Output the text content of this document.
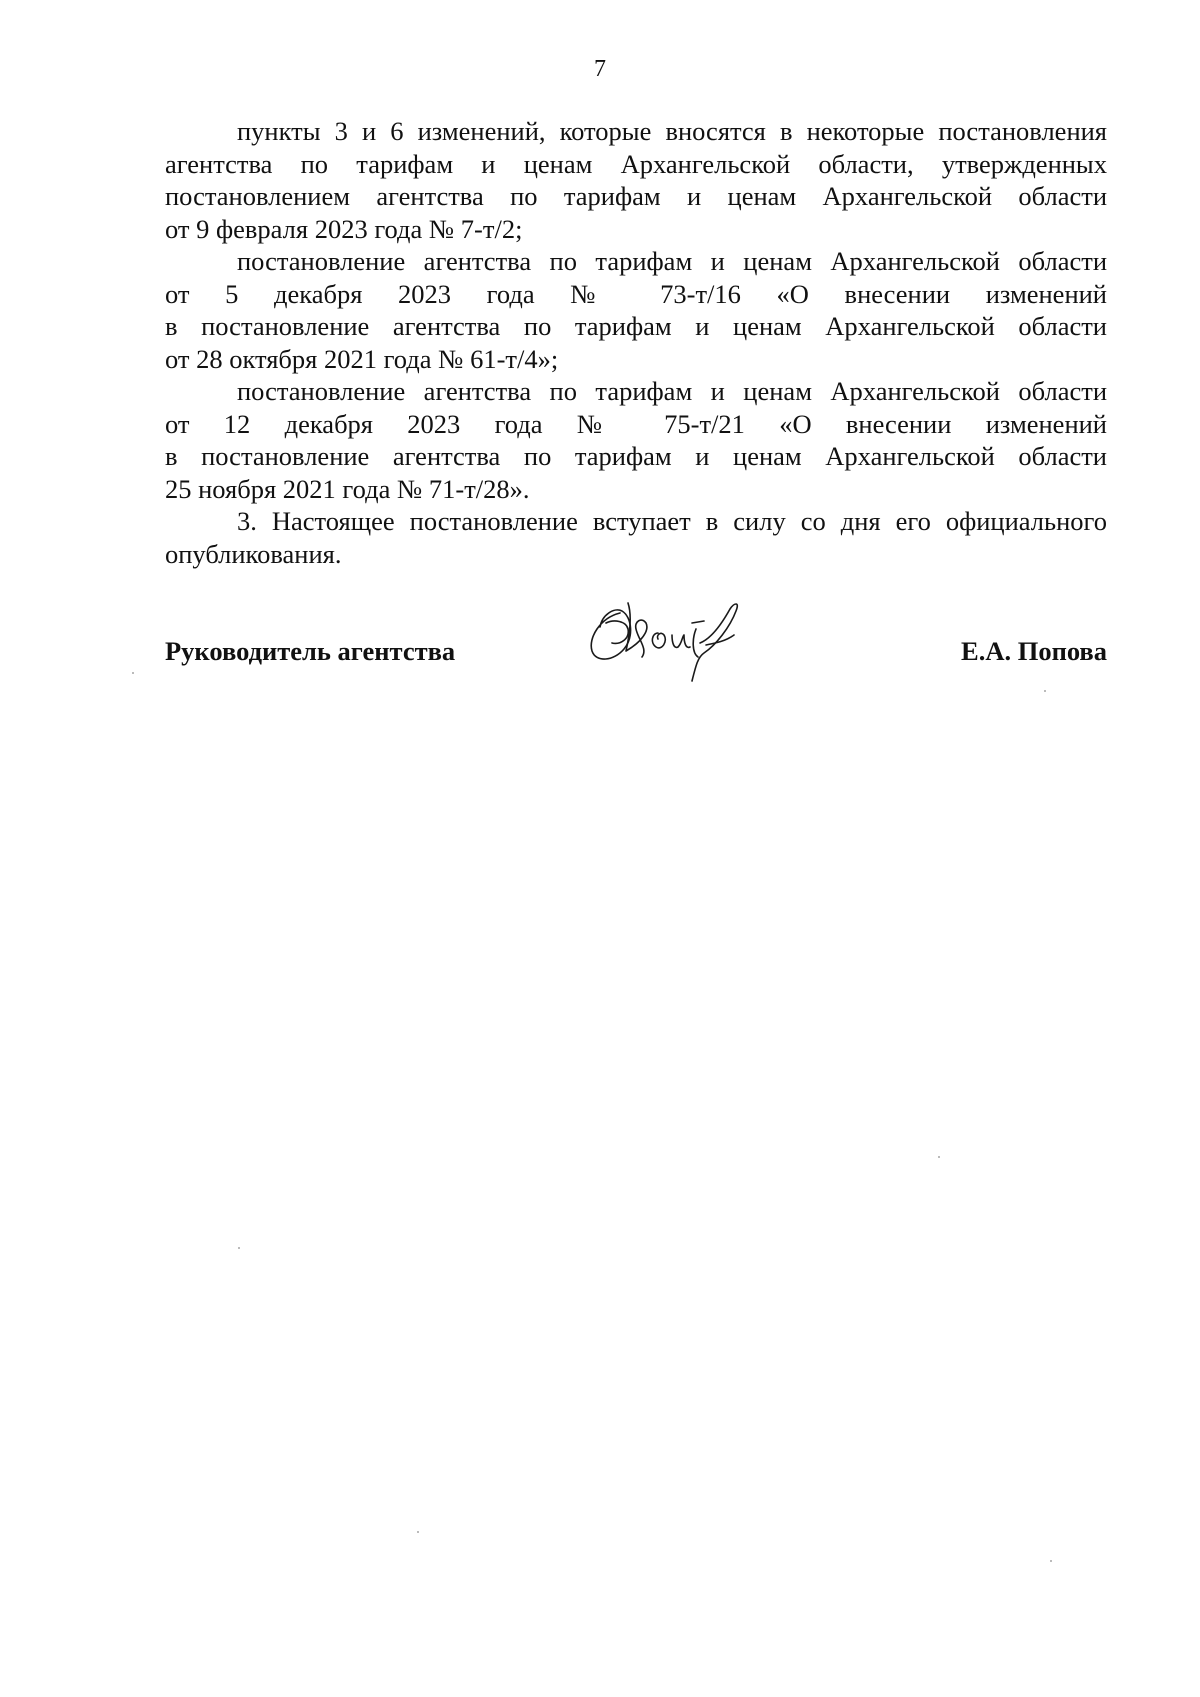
7

пункты 3 и 6 изменений, которые вносятся в некоторые постановления
агентства по тарифам и ценам Архангельской области, утвержденных
постановлением агентства по тарифам и ценам Архангельской области
от 9 февраля 2023 года № 7-т/2;

постановление агентства по тарифам и ценам Архангельской области
от 5 декабря 2023 года № 73-т/16 «О внесении изменений
в постановление агентства по тарифам и ценам Архангельской области
от 28 октября 2021 года № 61-т/4»;

постановление агентства по тарифам и ценам Архангельской области
от 12 декабря 2023 года № 75-т/21 «О внесении изменений
в постановление агентства по тарифам и ценам Архангельской области
25 ноября 2021 года № 71-т/28».

3. Настоящее постановление вступает в силу со дня его официального
опубликования.

Руководитель агентства	Е.А. Попова
